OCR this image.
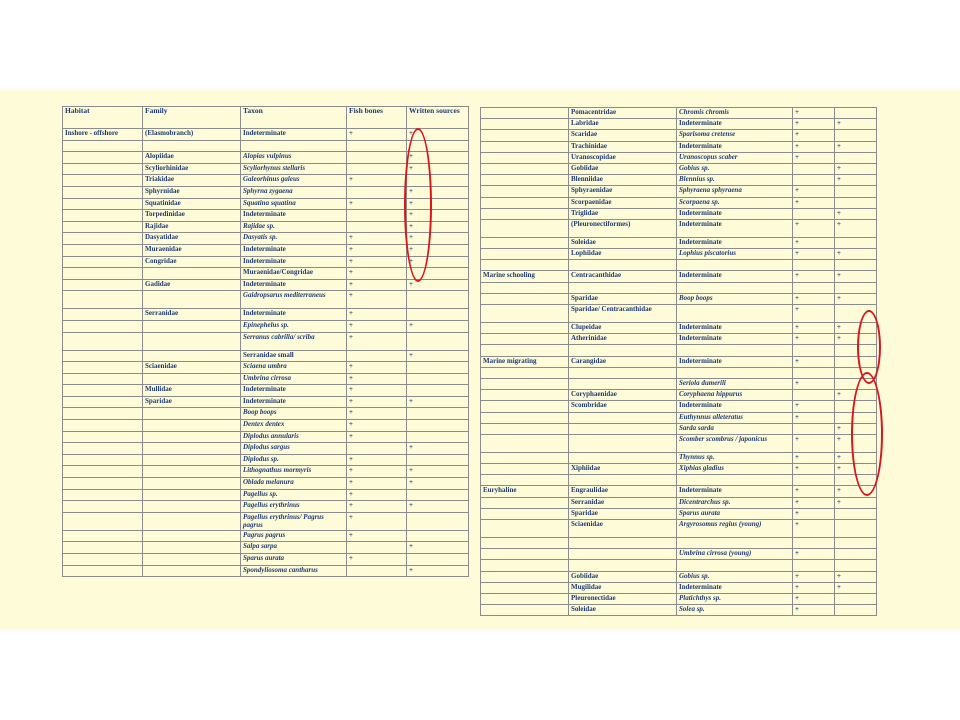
Habitat	Family	Taxon	Fish bones	Written sources
Inshore - offshore	(Elasmobranch)	Indeterminate	+	+

	Alopiidae	Alopias vulpinus		+
	Scyliorhinidae	Scyliorhynus stellaris		+
	Triakidae	Galeorhinus galeus	+	
	Sphyrnidae	Sphyrna zygaena		+
	Squatinidae	Squatina squatina	+	+
	Torpedinidae	Indeterminate		+
	Rajidae	Rajidae sp.		+
	Dasyatidae	Dasyatis sp.	+	+
	Muraenidae	Indeterminate	+	+
	Congridae	Indeterminate	+	+
		Muraenidae/Congridae	+	
	Gadidae	Indeterminate	+	+
		Gaidropsarus mediterraneus	+	
	Serranidae	Indeterminate	+	
		Epinephelus sp.	+	+
		Serranus cabrilla/ scriba	+	
		Serranidae small		+
	Sciaenidae	Sciaena umbra	+	
		Umbrina cirrosa	+	
	Mullidae	Indeterminate	+	
	Sparidae	Indeterminate	+	+
		Boop boops	+	
		Dentex dentex	+	
		Diplodus annularis	+	
		Diplodus sargus		+
		Diplodus sp.	+	
		Lithognathus mormyris	+	+
		Oblada melanura	+	+
		Pagellus sp.	+	
		Pagellus erythrinus	+	+
		Pagellus erythrinus/ Pagrus pagrus	+	
		Pagrus pagrus	+	
		Salpa sarpa		+
		Sparus aurata	+	
		Spondyliosoma cantharus		+
	Pomacentridae	Chromis chromis	+	
	Labridae	Indeterminate	+	+
	Scaridae	Sparisoma cretense	+	
	Trachinidae	Indeterminate	+	+
	Uranoscopidae	Uranoscopus scaber	+	
	Gobiidae	Gobius sp.		+
	Blenniidae	Blennius sp.		+
	Sphyraenidae	Sphyraena sphyraena	+	
	Scorpaenidae	Scorpaena sp.	+	
	Triglidae	Indeterminate		+
	(Pleuronectiformes)	Indeterminate	+	+
	Soleidae	Indeterminate	+	
	Lophiidae	Lophius piscatorius	+	+

Marine schooling	Centracanthidae	Indeterminate	+	+

	Sparidae	Boop boops	+	+
	Sparidae/ Centracanthidae		+	
	Clupeidae	Indeterminate	+	+
	Atherinidae	Indeterminate	+	+

Marine migrating	Carangidae	Indeterminate	+	

		Seriola dumerili	+	
	Coryphaenidae	Coryphaena hippurus		+
	Scombridae	Indeterminate	+	
		Euthynnus alleteratus	+	
		Sarda sarda		+
		Scomber scombrus / japonicus	+	+
		Thynnus sp.	+	+
	Xiphiidae	Xiphias gladius	+	+

Euryhaline	Engraulidae	Indeterminate	+	+
	Serranidae	Dicentrarchus sp.	+	+
	Sparidae	Sparus aurata	+	
	Sciaenidae	Argyrosomus regius (young)	+	

		Umbrina cirrosa (young)	+	

	Gobiidae	Gobius sp.	+	+
	Mugilidae	Indeterminate	+	+
	Pleuronectidae	Platichthys sp.	+	
	Soleidae	Solea sp.	+	
